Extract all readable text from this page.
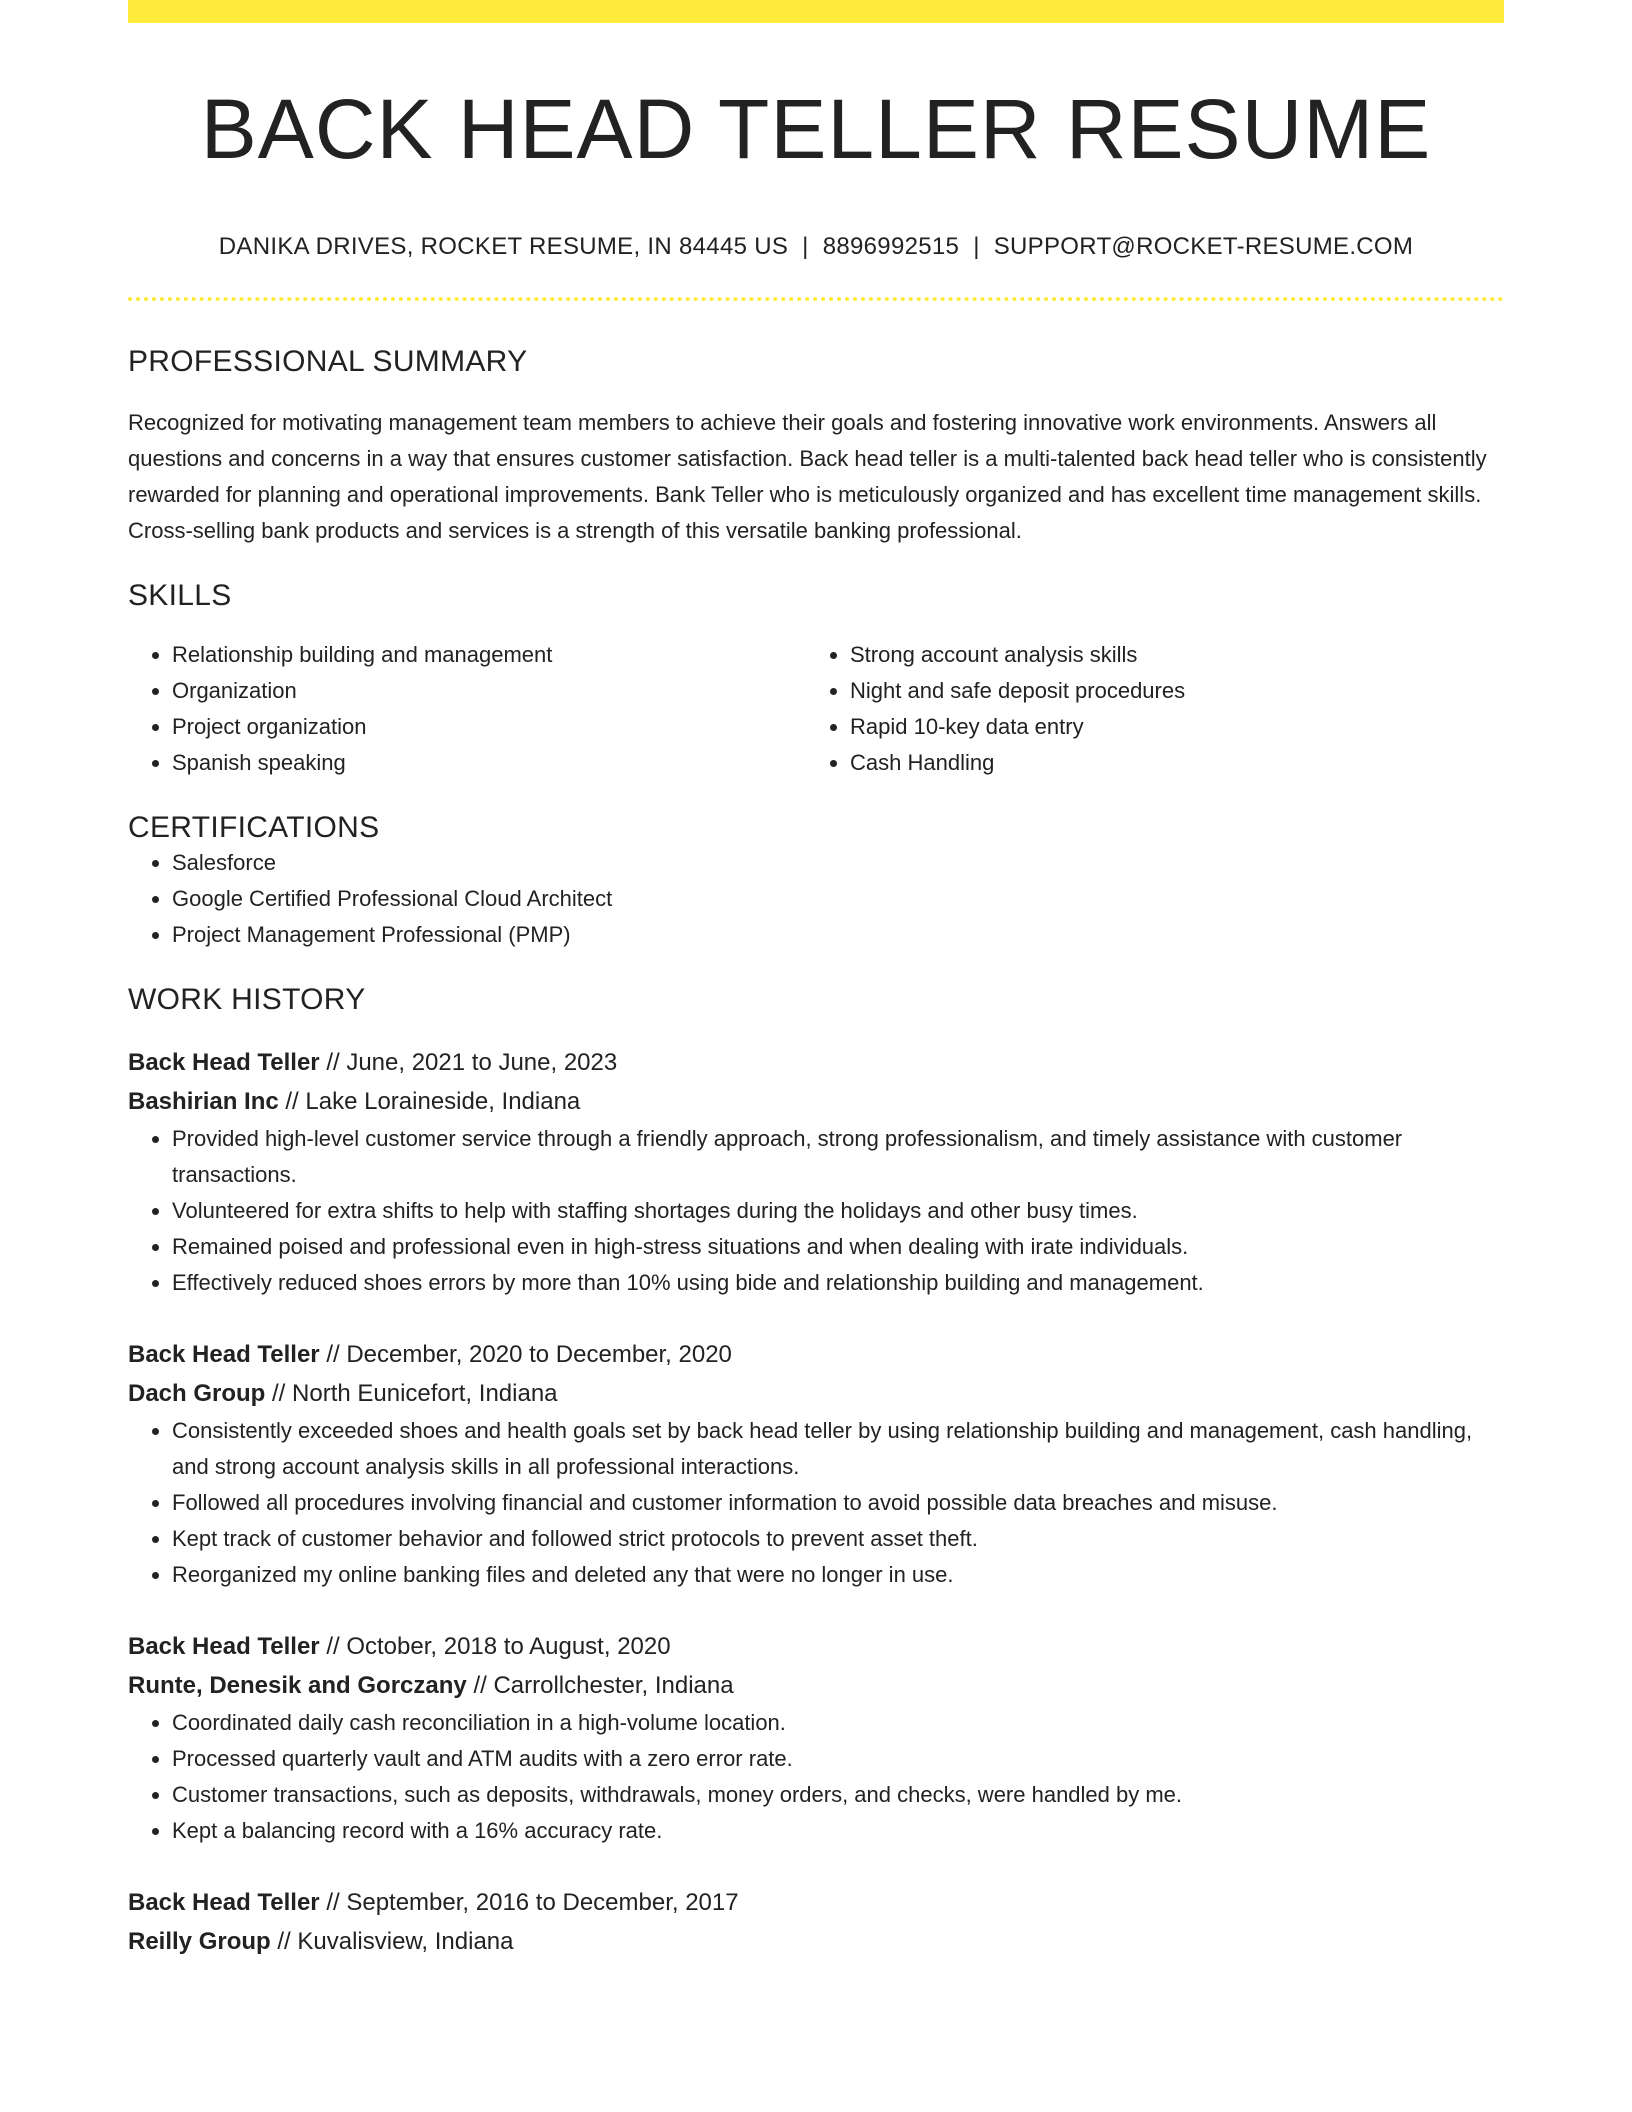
BACK HEAD TELLER RESUME
DANIKA DRIVES, ROCKET RESUME, IN 84445 US | 8896992515 | SUPPORT@ROCKET-RESUME.COM
PROFESSIONAL SUMMARY

Recognized for motivating management team members to achieve their goals and fostering innovative work environments. Answers all questions and concerns in a way that ensures customer satisfaction. Back head teller is a multi-talented back head teller who is consistently rewarded for planning and operational improvements. Bank Teller who is meticulously organized and has excellent time management skills. Cross-selling bank products and services is a strength of this versatile banking professional.

SKILLS
• Relationship building and management
• Organization
• Project organization
• Spanish speaking
• Strong account analysis skills
• Night and safe deposit procedures
• Rapid 10-key data entry
• Cash Handling
CERTIFICATIONS
• Salesforce
• Google Certified Professional Cloud Architect
• Project Management Professional (PMP)
WORK HISTORY
Back Head Teller // June, 2021 to June, 2023
Bashirian Inc // Lake Loraineside, Indiana
• Provided high-level customer service through a friendly approach, strong professionalism, and timely assistance with customer transactions.
• Volunteered for extra shifts to help with staffing shortages during the holidays and other busy times.
• Remained poised and professional even in high-stress situations and when dealing with irate individuals.
• Effectively reduced shoes errors by more than 10% using bide and relationship building and management.
Back Head Teller // December, 2020 to December, 2020
Dach Group // North Eunicefort, Indiana
• Consistently exceeded shoes and health goals set by back head teller by using relationship building and management, cash handling, and strong account analysis skills in all professional interactions.
• Followed all procedures involving financial and customer information to avoid possible data breaches and misuse.
• Kept track of customer behavior and followed strict protocols to prevent asset theft.
• Reorganized my online banking files and deleted any that were no longer in use.
Back Head Teller // October, 2018 to August, 2020
Runte, Denesik and Gorczany // Carrollchester, Indiana
• Coordinated daily cash reconciliation in a high-volume location.
• Processed quarterly vault and ATM audits with a zero error rate.
• Customer transactions, such as deposits, withdrawals, money orders, and checks, were handled by me.
• Kept a balancing record with a 16% accuracy rate.
Back Head Teller // September, 2016 to December, 2017
Reilly Group // Kuvalisview, Indiana
